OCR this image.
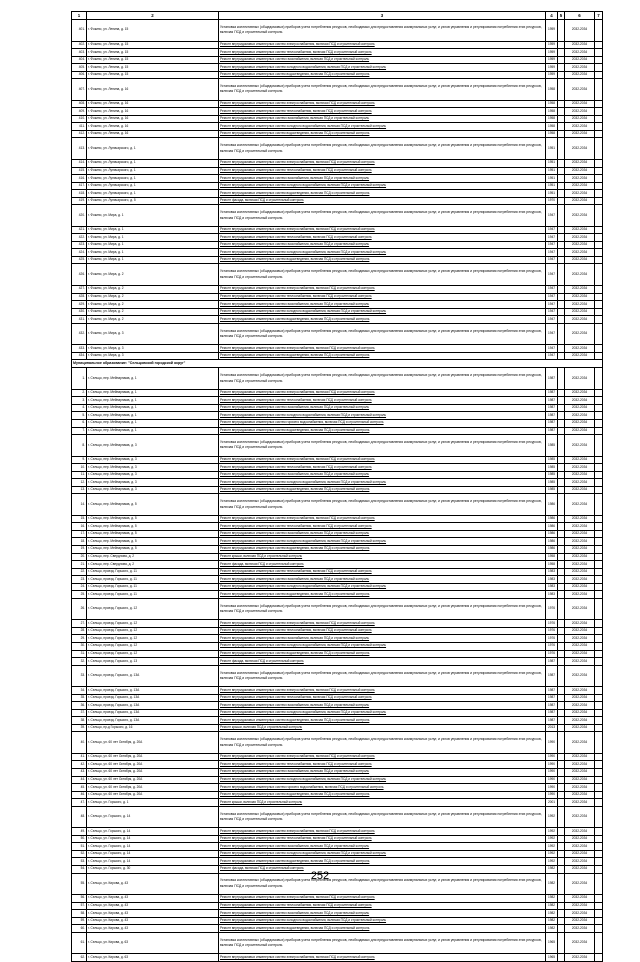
1	2	3	4	5	6	7
401.	г. Фокино, ул. Ленина, д. 15	Установка коллективных (общедомовых) приборов учета потребления ресурсов, необходимых для предоставления коммунальных услуг, и узлов управления и регулирования потребления этих ресурсов, включая ПСД и строительный контроль	1959		2032-2034	
402.	г. Фокино, ул. Ленина, д. 15	Ремонт внутридомовых инженерных систем электроснабжения, включая ПСД и строительный контроль	1959		2032-2034	
403.	г. Фокино, ул. Ленина, д. 15	Ремонт внутридомовых инженерных систем теплоснабжения, включая ПСД и строительный контроль	1959		2032-2034	
404.	г. Фокино, ул. Ленина, д. 15	Ремонт внутридомовых инженерных систем газоснабжения, включая ПСД и строительный контроль	1959		2032-2034	
405.	г. Фокино, ул. Ленина, д. 15	Ремонт внутридомовых инженерных систем холодного водоснабжения, включая ПСД и строительный контроль	1959		2032-2034	
406.	г. Фокино, ул. Ленина, д. 15	Ремонт внутридомовых инженерных систем водоотведения, включая ПСД и строительный контроль	1959		2032-2034	
407.	г. Фокино, ул. Ленина, д. 16	Установка коллективных (общедомовых) приборов учета потребления ресурсов, необходимых для предоставления коммунальных услуг, и узлов управления и регулирования потребления этих ресурсов, включая ПСД и строительный контроль	1958		2032-2034	
408.	г. Фокино, ул. Ленина, д. 16	Ремонт внутридомовых инженерных систем электроснабжения, включая ПСД и строительный контроль	1958		2032-2034	
409.	г. Фокино, ул. Ленина, д. 16	Ремонт внутридомовых инженерных систем теплоснабжения, включая ПСД и строительный контроль	1958		2032-2034	
410.	г. Фокино, ул. Ленина, д. 16	Ремонт внутридомовых инженерных систем газоснабжения, включая ПСД и строительный контроль	1958		2032-2034	
411.	г. Фокино, ул. Ленина, д. 16	Ремонт внутридомовых инженерных систем холодного водоснабжения, включая ПСД и строительный контроль	1958		2032-2034	
412.	г. Фокино, ул. Ленина, д. 16	Ремонт внутридомовых инженерных систем водоотведения, включая ПСД и строительный контроль	1958		2032-2034	
413.	г. Фокино, ул. Луначарского, д. 1	Установка коллективных (общедомовых) приборов учета потребления ресурсов, необходимых для предоставления коммунальных услуг, и узлов управления и регулирования потребления этих ресурсов, включая ПСД и строительный контроль	1951		2032-2034	
414.	г. Фокино, ул. Луначарского, д. 1	Ремонт внутридомовых инженерных систем электроснабжения, включая ПСД и строительный контроль	1951		2032-2034	
415.	г. Фокино, ул. Луначарского, д. 1	Ремонт внутридомовых инженерных систем теплоснабжения, включая ПСД и строительный контроль	1951		2032-2034	
416.	г. Фокино, ул. Луначарского, д. 1	Ремонт внутридомовых инженерных систем газоснабжения, включая ПСД и строительный контроль	1951		2032-2034	
417.	г. Фокино, ул. Луначарского, д. 1	Ремонт внутридомовых инженерных систем холодного водоснабжения, включая ПСД и строительный контроль	1951		2032-2034	
418.	г. Фокино, ул. Луначарского, д. 1	Ремонт внутридомовых инженерных систем водоотведения, включая ПСД и строительный контроль	1951		2032-2034	
419.	г. Фокино, ул. Луначарского, д. 5	Ремонт фасада, включая ПСД и строительный контроль	1970		2032-2034	
420.	г. Фокино, ул. Мира, д. 1	Установка коллективных (общедомовых) приборов учета потребления ресурсов, необходимых для предоставления коммунальных услуг, и узлов управления и регулирования потребления этих ресурсов, включая ПСД и строительный контроль	1947		2032-2034	
421.	г. Фокино, ул. Мира, д. 1	Ремонт внутридомовых инженерных систем электроснабжения, включая ПСД и строительный контроль	1947		2032-2034	
422.	г. Фокино, ул. Мира, д. 1	Ремонт внутридомовых инженерных систем теплоснабжения, включая ПСД и строительный контроль	1947		2032-2034	
423.	г. Фокино, ул. Мира, д. 1	Ремонт внутридомовых инженерных систем газоснабжения, включая ПСД и строительный контроль	1947		2032-2034	
424.	г. Фокино, ул. Мира, д. 1	Ремонт внутридомовых инженерных систем холодного водоснабжения, включая ПСД и строительный контроль	1947		2032-2034	
425.	г. Фокино, ул. Мира, д. 1	Ремонт внутридомовых инженерных систем водоотведения, включая ПСД и строительный контроль	1947		2032-2034	
426.	г. Фокино, ул. Мира, д. 2	Установка коллективных (общедомовых) приборов учета потребления ресурсов, необходимых для предоставления коммунальных услуг, и узлов управления и регулирования потребления этих ресурсов, включая ПСД и строительный контроль	1947		2032-2034	
427.	г. Фокино, ул. Мира, д. 2	Ремонт внутридомовых инженерных систем электроснабжения, включая ПСД и строительный контроль	1947		2032-2034	
428.	г. Фокино, ул. Мира, д. 2	Ремонт внутридомовых инженерных систем теплоснабжения, включая ПСД и строительный контроль	1947		2032-2034	
429.	г. Фокино, ул. Мира, д. 2	Ремонт внутридомовых инженерных систем газоснабжения, включая ПСД и строительный контроль	1947		2032-2034	
430.	г. Фокино, ул. Мира, д. 2	Ремонт внутридомовых инженерных систем холодного водоснабжения, включая ПСД и строительный контроль	1947		2032-2034	
431.	г. Фокино, ул. Мира, д. 2	Ремонт внутридомовых инженерных систем водоотведения, включая ПСД и строительный контроль	1947		2032-2034	
432.	г. Фокино, ул. Мира, д. 3	Установка коллективных (общедомовых) приборов учета потребления ресурсов, необходимых для предоставления коммунальных услуг, и узлов управления и регулирования потребления этих ресурсов, включая ПСД и строительный контроль	1947		2032-2034	
433.	г. Фокино, ул. Мира, д. 3	Ремонт внутридомовых инженерных систем электроснабжения, включая ПСД и строительный контроль	1947		2032-2034	
434.	г. Фокино, ул. Мира, д. 3	Ремонт внутридомовых инженерных систем водоотведения, включая ПСД и строительный контроль	1947		2032-2034	
Муниципальное образование: "Сельцовский городской округ"						
1.	г. Сельцо, пер. Мейпарнама, д. 1	Установка коллективных (общедомовых) приборов учета потребления ресурсов, необходимых для предоставления коммунальных услуг, и узлов управления и регулирования потребления этих ресурсов, включая ПСД и строительный контроль	1987		2032-2034	
2.	г. Сельцо, пер. Мейпарнама, д. 1	Ремонт внутридомовых инженерных систем электроснабжения, включая ПСД и строительный контроль	1987		2032-2034	
3.	г. Сельцо, пер. Мейпарнама, д. 1	Ремонт внутридомовых инженерных систем теплоснабжения, включая ПСД и строительный контроль	1987		2032-2034	
4.	г. Сельцо, пер. Мейпарнама, д. 1	Ремонт внутридомовых инженерных систем газоснабжения, включая ПСД и строительный контроль	1987		2032-2034	
5.	г. Сельцо, пер. Мейпарнама, д. 1	Ремонт внутридомовых инженерных систем холодного водоснабжения, включая ПСД и строительный контроль	1987		2032-2034	
6.	г. Сельцо, пер. Мейпарнама, д. 1	Ремонт внутридомовых инженерных систем горячего водоснабжения, включая ПСД и строительный контроль	1987		2032-2034	
7.	г. Сельцо, пер. Мейпарнама, д. 1	Ремонт внутридомовых инженерных систем водоотведения, включая ПСД и строительный контроль	1987		2032-2034	
8.	г. Сельцо, пер. Мейпарнама, д. 3	Установка коллективных (общедомовых) приборов учета потребления ресурсов, необходимых для предоставления коммунальных услуг, и узлов управления и регулирования потребления этих ресурсов, включая ПСД и строительный контроль	1985		2032-2034	
9.	г. Сельцо, пер. Мейпарнама, д. 3	Ремонт внутридомовых инженерных систем электроснабжения, включая ПСД и строительный контроль	1985		2032-2034	
10.	г. Сельцо, пер. Мейпарнама, д. 3	Ремонт внутридомовых инженерных систем теплоснабжения, включая ПСД и строительный контроль	1985		2032-2034	
11.	г. Сельцо, пер. Мейпарнама, д. 3	Ремонт внутридомовых инженерных систем газоснабжения, включая ПСД и строительный контроль	1985		2032-2034	
12.	г. Сельцо, пер. Мейпарнама, д. 3	Ремонт внутридомовых инженерных систем холодного водоснабжения, включая ПСД и строительный контроль	1985		2032-2034	
13.	г. Сельцо, пер. Мейпарнама, д. 3	Ремонт внутридомовых инженерных систем водоотведения, включая ПСД и строительный контроль	1985		2032-2034	
14.	г. Сельцо, пер. Мейпарнама, д. 5	Установка коллективных (общедомовых) приборов учета потребления ресурсов, необходимых для предоставления коммунальных услуг, и узлов управления и регулирования потребления этих ресурсов, включая ПСД и строительный контроль	1986		2032-2034	
15.	г. Сельцо, пер. Мейпарнама, д. 5	Ремонт внутридомовых инженерных систем электроснабжения, включая ПСД и строительный контроль	1986		2032-2034	
16.	г. Сельцо, пер. Мейпарнама, д. 5	Ремонт внутридомовых инженерных систем теплоснабжения, включая ПСД и строительный контроль	1986		2032-2034	
17.	г. Сельцо, пер. Мейпарнама, д. 5	Ремонт внутридомовых инженерных систем газоснабжения, включая ПСД и строительный контроль	1986		2032-2034	
18.	г. Сельцо, пер. Мейпарнама, д. 5	Ремонт внутридомовых инженерных систем холодного водоснабжения, включая ПСД и строительный контроль	1986		2032-2034	
19.	г. Сельцо, пер. Мейпарнама, д. 5	Ремонт внутридомовых инженерных систем водоотведения, включая ПСД и строительный контроль	1986		2032-2034	
20.	г. Сельцо, пер. Свердлова, д. 2	Ремонт крыши, включая ПСД и строительный контроль	1958		2032-2034	
21.	г. Сельцо, пер. Свердлова, д. 2	Ремонт фасада, включая ПСД и строительный контроль	1958		2032-2034	
22.	г. Сельцо, проезд. Горького, д. 11	Ремонт внутридомовых инженерных систем теплоснабжения, включая ПСД и строительный контроль	1983		2032-2034	
23.	г. Сельцо, проезд. Горького, д. 11	Ремонт внутридомовых инженерных систем газоснабжения, включая ПСД и строительный контроль	1983		2032-2034	
24.	г. Сельцо, проезд. Горького, д. 11	Ремонт внутридомовых инженерных систем холодного водоснабжения, включая ПСД и строительный контроль	1983		2032-2034	
25.	г. Сельцо, проезд. Горького, д. 11	Ремонт внутридомовых инженерных систем водоотведения, включая ПСД и строительный контроль	1983		2032-2034	
26.	г. Сельцо, проезд. Горького, д. 12	Установка коллективных (общедомовых) приборов учета потребления ресурсов, необходимых для предоставления коммунальных услуг, и узлов управления и регулирования потребления этих ресурсов, включая ПСД и строительный контроль	1976		2032-2034	
27.	г. Сельцо, проезд. Горького, д. 12	Ремонт внутридомовых инженерных систем электроснабжения, включая ПСД и строительный контроль	1976		2032-2034	
28.	г. Сельцо, проезд. Горького, д. 12	Ремонт внутридомовых инженерных систем теплоснабжения, включая ПСД и строительный контроль	1976		2032-2034	
29.	г. Сельцо, проезд. Горького, д. 12	Ремонт внутридомовых инженерных систем газоснабжения, включая ПСД и строительный контроль	1976		2032-2034	
30.	г. Сельцо, проезд. Горького, д. 12	Ремонт внутридомовых инженерных систем холодного водоснабжения, включая ПСД и строительный контроль	1976		2032-2034	
31.	г. Сельцо, проезд. Горького, д. 12	Ремонт внутридомовых инженерных систем водоотведения, включая ПСД и строительный контроль	1976		2032-2034	
32.	г. Сельцо, проезд. Горького, д. 13	Ремонт фасада, включая ПСД и строительный контроль	1987		2032-2034	
33.	г. Сельцо, проезд. Горького, д. 13А	Установка коллективных (общедомовых) приборов учета потребления ресурсов, необходимых для предоставления коммунальных услуг, и узлов управления и регулирования потребления этих ресурсов, включая ПСД и строительный контроль	1987		2032-2034	
34.	г. Сельцо, проезд. Горького, д. 13А	Ремонт внутридомовых инженерных систем электроснабжения, включая ПСД и строительный контроль	1987		2032-2034	
35.	г. Сельцо, проезд. Горького, д. 13А	Ремонт внутридомовых инженерных систем теплоснабжения, включая ПСД и строительный контроль	1987		2032-2034	
36.	г. Сельцо, проезд. Горького, д. 13А	Ремонт внутридомовых инженерных систем газоснабжения, включая ПСД и строительный контроль	1987		2032-2034	
37.	г. Сельцо, проезд. Горького, д. 13А	Ремонт внутридомовых инженерных систем холодного водоснабжения, включая ПСД и строительный контроль	1987		2032-2034	
38.	г. Сельцо, проезд. Горького, д. 13А	Ремонт внутридомовых инженерных систем водоотведения, включая ПСД и строительный контроль	1987		2032-2034	
39.	г. Сельцо, пр-д Горького, д. 16	Ремонт крыши, включая ПСД и строительный контроль	2013		2032-2034	
40.	г. Сельцо, ул. 60 лет Октября, д. 20А	Установка коллективных (общедомовых) приборов учета потребления ресурсов, необходимых для предоставления коммунальных услуг, и узлов управления и регулирования потребления этих ресурсов, включая ПСД и строительный контроль	1990		2032-2034	
41.	г. Сельцо, ул. 60 лет Октября, д. 20А	Ремонт внутридомовых инженерных систем электроснабжения, включая ПСД и строительный контроль	1990		2032-2034	
42.	г. Сельцо, ул. 60 лет Октября, д. 20А	Ремонт внутридомовых инженерных систем теплоснабжения, включая ПСД и строительный контроль	1990		2032-2034	
43.	г. Сельцо, ул. 60 лет Октября, д. 20А	Ремонт внутридомовых инженерных систем газоснабжения, включая ПСД и строительный контроль	1990		2032-2034	
44.	г. Сельцо, ул. 60 лет Октября, д. 20А	Ремонт внутридомовых инженерных систем холодного водоснабжения, включая ПСД и строительный контроль	1990		2032-2034	
45.	г. Сельцо, ул. 60 лет Октября, д. 20А	Ремонт внутридомовых инженерных систем горячего водоснабжения, включая ПСД и строительный контроль	1990		2032-2034	
46.	г. Сельцо, ул. 60 лет Октября, д. 20А	Ремонт внутридомовых инженерных систем водоотведения, включая ПСД и строительный контроль	1990		2032-2034	
47.	г. Сельцо, ул. Горького, д. 1	Ремонт крыши, включая ПСД и строительный контроль	2001		2032-2034	
48.	г. Сельцо, ул. Горького, д. 14	Установка коллективных (общедомовых) приборов учета потребления ресурсов, необходимых для предоставления коммунальных услуг, и узлов управления и регулирования потребления этих ресурсов, включая ПСД и строительный контроль	1992		2032-2034	
49.	г. Сельцо, ул. Горького, д. 14	Ремонт внутридомовых инженерных систем электроснабжения, включая ПСД и строительный контроль	1992		2032-2034	
50.	г. Сельцо, ул. Горького, д. 14	Ремонт внутридомовых инженерных систем теплоснабжения, включая ПСД и строительный контроль	1992		2032-2034	
51.	г. Сельцо, ул. Горького, д. 14	Ремонт внутридомовых инженерных систем газоснабжения, включая ПСД и строительный контроль	1992		2032-2034	
52.	г. Сельцо, ул. Горького, д. 14	Ремонт внутридомовых инженерных систем холодного водоснабжения, включая ПСД и строительный контроль	1992		2032-2034	
53.	г. Сельцо, ул. Горького, д. 14	Ремонт внутридомовых инженерных систем водоотведения, включая ПСД и строительный контроль	1992		2032-2034	
54.	г. Сельцо, ул. Горького, д. 30	Ремонт фасада, включая ПСД и строительный контроль	1982		2032-2034	
55.	г. Сельцо, ул. Кирова, д. 43	Установка коллективных (общедомовых) приборов учета потребления ресурсов, необходимых для предоставления коммунальных услуг, и узлов управления и регулирования потребления этих ресурсов, включая ПСД и строительный контроль	1982		2032-2034	
56.	г. Сельцо, ул. Кирова, д. 43	Ремонт внутридомовых инженерных систем электроснабжения, включая ПСД и строительный контроль	1982		2032-2034	
57.	г. Сельцо, ул. Кирова, д. 43	Ремонт внутридомовых инженерных систем теплоснабжения, включая ПСД и строительный контроль	1982		2032-2034	
58.	г. Сельцо, ул. Кирова, д. 43	Ремонт внутридомовых инженерных систем газоснабжения, включая ПСД и строительный контроль	1982		2032-2034	
59.	г. Сельцо, ул. Кирова, д. 43	Ремонт внутридомовых инженерных систем холодного водоснабжения, включая ПСД и строительный контроль	1982		2032-2034	
60.	г. Сельцо, ул. Кирова, д. 43	Ремонт внутридомовых инженерных систем водоотведения, включая ПСД и строительный контроль	1982		2032-2034	
61.	г. Сельцо, ул. Кирова, д. 63	Установка коллективных (общедомовых) приборов учета потребления ресурсов, необходимых для предоставления коммунальных услуг, и узлов управления и регулирования потребления этих ресурсов, включая ПСД и строительный контроль	1965		2032-2034	
62.	г. Сельцо, ул. Кирова, д. 63	Ремонт внутридомовых инженерных систем электроснабжения, включая ПСД и строительный контроль	1965		2032-2034	
252
